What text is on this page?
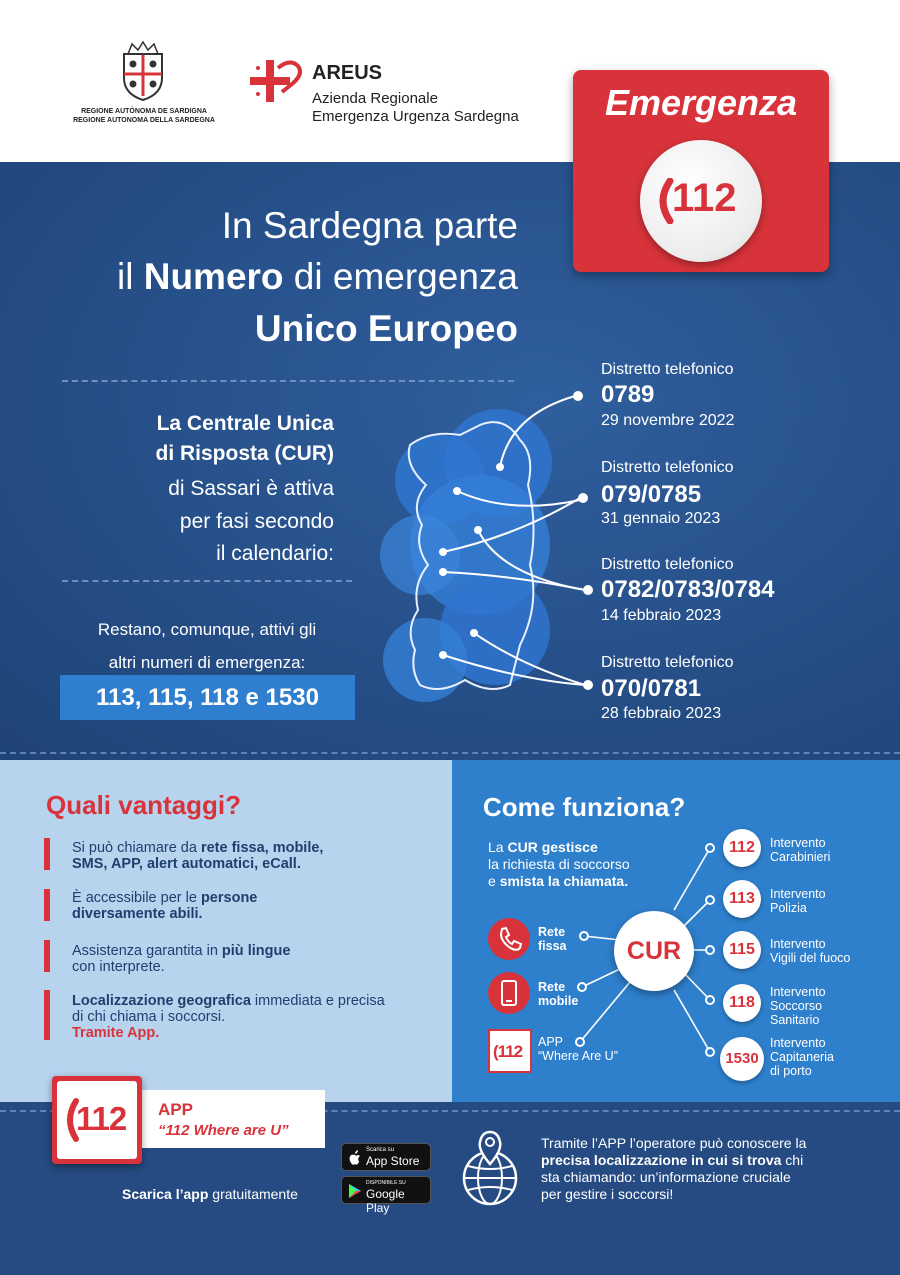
REGIONE AUTÒNOMA DE SARDIGNA
REGIONE AUTONOMA DELLA SARDEGNA
AREUS
Azienda Regionale
Emergenza Urgenza Sardegna	Emergenza
112
In Sardegna parte
il Numero di emergenza
Unico Europeo
La Centrale Unica
di Risposta (CUR)
di Sassari è attiva
per fasi secondo
il calendario:
Restano, comunque, attivi gli
altri numeri di emergenza:
113, 115, 118 e 1530
Distretto telefonico
0789
29 novembre 2022
Distretto telefonico
079/0785
31 gennaio 2023
Distretto telefonico
0782/0783/0784
14 febbraio 2023
Distretto telefonico
070/0781
28 febbraio 2023
Quali vantaggi?
Si può chiamare da rete fissa, mobile,
SMS, APP, alert automatici, eCall.
È accessibile per le persone
diversamente abili.
Assistenza garantita in più lingue
con interprete.
Localizzazione geografica immediata e precisa
di chi chiama i soccorsi.
Tramite App.
Come funziona?
La CUR gestisce
la richiesta di soccorso
e smista la chiamata.
CUR
Rete
fissa
Rete
mobile
(112 APP
“Where Are U”
112	Intervento
Carabinieri
113	Intervento
Polizia
115	Intervento
Vigili del fuoco
118
Intervento
Soccorso
Sanitario
1530
Intervento
Capitaneria
di porto
APP
“112 Where are U”
112
Scarica l’app gratuitamente
Scarica su
App Store
DISPONIBILE SU
Google Play
Tramite l’APP l’operatore può conoscere la
precisa localizzazione in cui si trova chi
sta chiamando: un’informazione cruciale
per gestire i soccorsi!
